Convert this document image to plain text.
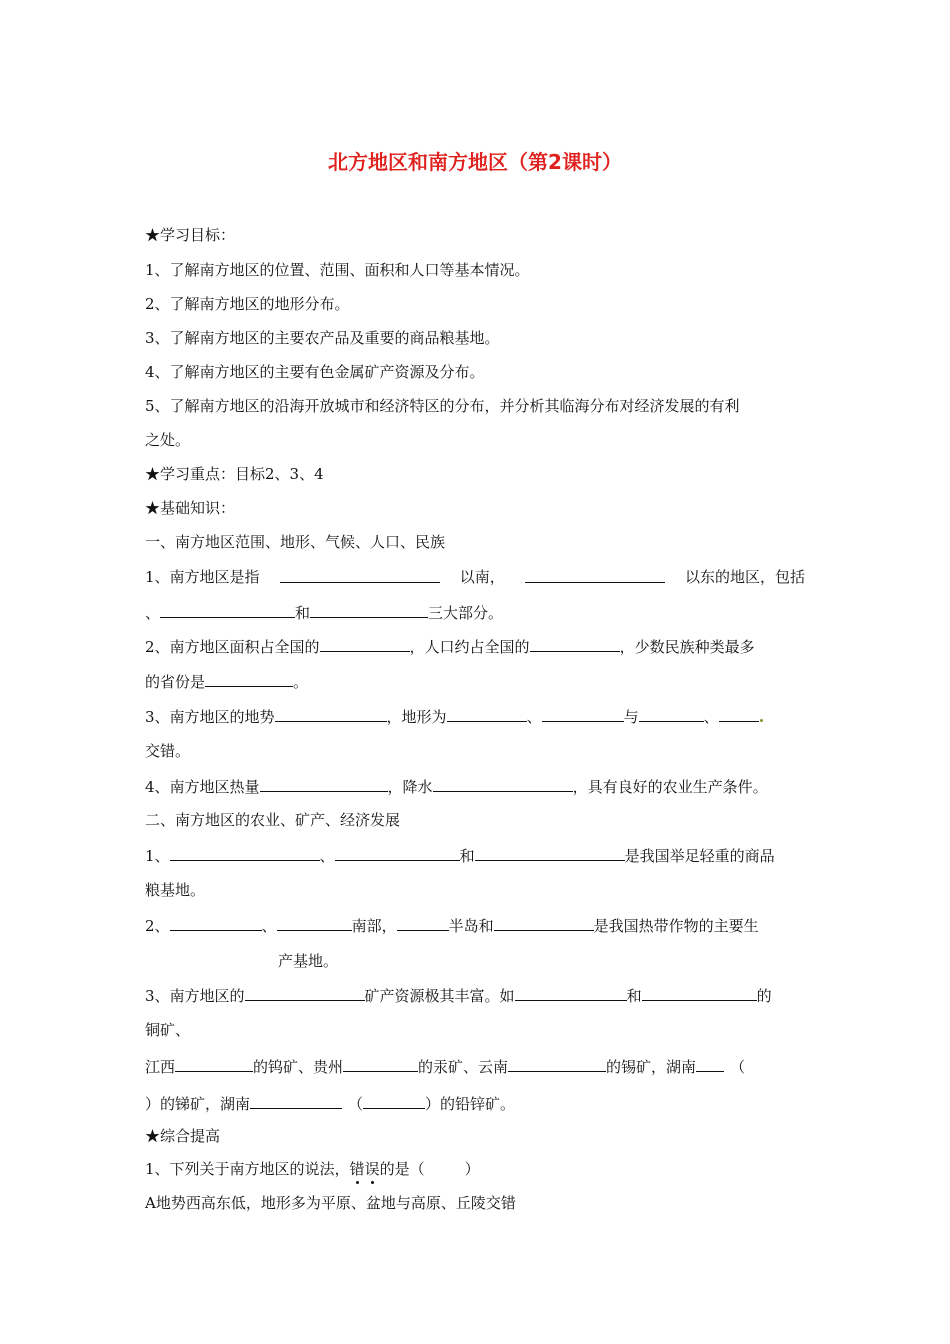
北方地区和南方地区（第2课时）
★学习目标：
1、了解南方地区的位置、范围、面积和人口等基本情况。
2、了解南方地区的地形分布。
3、了解南方地区的主要农产品及重要的商品粮基地。
4、了解南方地区的主要有色金属矿产资源及分布。
5、了解南方地区的沿海开放城市和经济特区的分布，并分析其临海分布对经济发展的有利
之处。
★学习重点：目标2、3、4
★基础知识：
一、南方地区范围、地形、气候、人口、民族
1、南方地区是指	以南，	以东的地区，包括
、	和	三大部分。
2、南方地区面积占全国的	，人口约占全国的	，少数民族种类最多
的省份是	。
3、南方地区的地势	，地形为	、	与	、
交错。
4、南方地区热量	，降水	，具有良好的农业生产条件。
二、南方地区的农业、矿产、经济发展
1、	、	和	是我国举足轻重的商品
粮基地。
2、	、	南部，	半岛和	是我国热带作物的主要生
产基地。
3、南方地区的	矿产资源极其丰富。如	和	的
铜矿、
江西	的钨矿、贵州	的汞矿、云南	的锡矿，湖南 （
）的锑矿，湖南	（	）的铅锌矿。
★综合提高
1、下列关于南方地区的说法，错误的是（	）
A地势西高东低，地形多为平原、盆地与高原、丘陵交错
